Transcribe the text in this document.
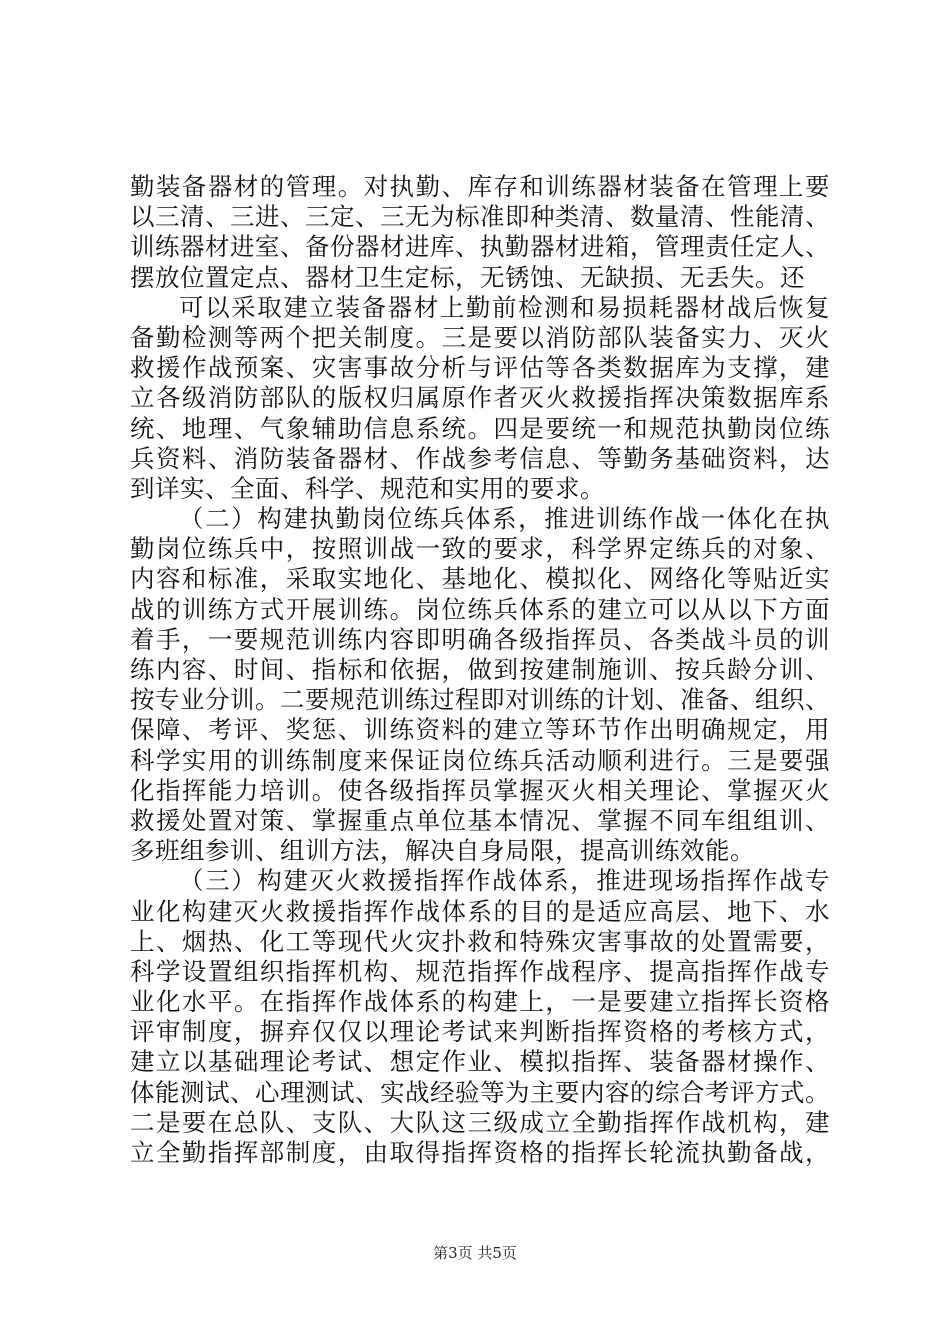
勤装备器材的管理。对执勤、库存和训练器材装备在管理上要
以三清、三进、三定、三无为标准即种类清、数量清、性能清、
训练器材进室、备份器材进库、执勤器材进箱，管理责任定人、
摆放位置定点、器材卫生定标，无锈蚀、无缺损、无丢失。还
可以采取建立装备器材上勤前检测和易损耗器材战后恢复
备勤检测等两个把关制度。三是要以消防部队装备实力、灭火
救援作战预案、灾害事故分析与评估等各类数据库为支撑，建
立各级消防部队的版权归属原作者灭火救援指挥决策数据库系
统、地理、气象辅助信息系统。四是要统一和规范执勤岗位练
兵资料、消防装备器材、作战参考信息、等勤务基础资料，达
到详实、全面、科学、规范和实用的要求。
（二）构建执勤岗位练兵体系，推进训练作战一体化在执
勤岗位练兵中，按照训战一致的要求，科学界定练兵的对象、
内容和标准，采取实地化、基地化、模拟化、网络化等贴近实
战的训练方式开展训练。岗位练兵体系的建立可以从以下方面
着手，一要规范训练内容即明确各级指挥员、各类战斗员的训
练内容、时间、指标和依据，做到按建制施训、按兵龄分训、
按专业分训。二要规范训练过程即对训练的计划、准备、组织、
保障、考评、奖惩、训练资料的建立等环节作出明确规定，用
科学实用的训练制度来保证岗位练兵活动顺利进行。三是要强
化指挥能力培训。使各级指挥员掌握灭火相关理论、掌握灭火
救援处置对策、掌握重点单位基本情况、掌握不同车组组训、
多班组参训、组训方法，解决自身局限，提高训练效能。
（三）构建灭火救援指挥作战体系，推进现场指挥作战专
业化构建灭火救援指挥作战体系的目的是适应高层、地下、水
上、烟热、化工等现代火灾扑救和特殊灾害事故的处置需要，
科学设置组织指挥机构、规范指挥作战程序、提高指挥作战专
业化水平。在指挥作战体系的构建上，一是要建立指挥长资格
评审制度，摒弃仅仅以理论考试来判断指挥资格的考核方式，
建立以基础理论考试、想定作业、模拟指挥、装备器材操作、
体能测试、心理测试、实战经验等为主要内容的综合考评方式。
二是要在总队、支队、大队这三级成立全勤指挥作战机构，建
立全勤指挥部制度，由取得指挥资格的指挥长轮流执勤备战，
第3页 共5页
